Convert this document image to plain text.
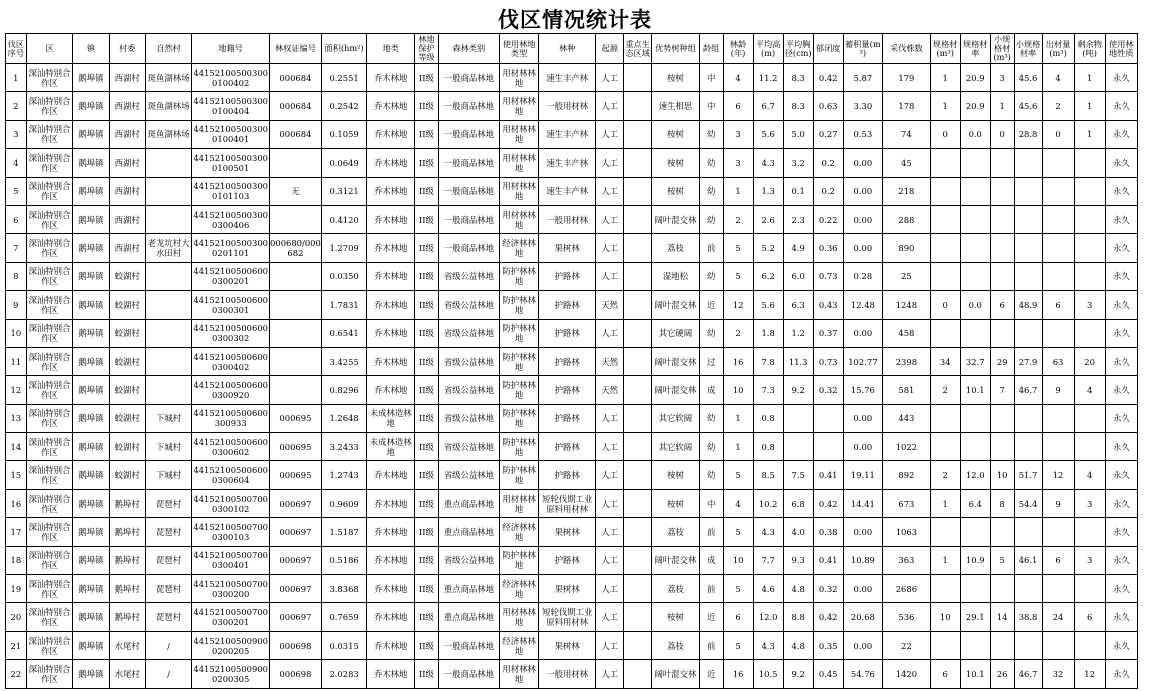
伐区情况统计表
伐区序号	区	镇	村委	自然村	地籍号	林权证编号	面积(hm²)	地类	林地保护等级	森林类别	使用林地类型	林种	起源	重点生态区域	优势树种组	龄组	林龄(年)	平均高(m)	平均胸径(cm)	郁闭度	蓄积量(m³)	采伐株数	规格材(m³)	规格材率	小规格材(m³)	小规格材率	出材量(m³)	剩余物(吨)	使用林地性质
1	深汕特别合作区	鹅埠镇	西湖村	斑鱼湖林场	441521005003000100402	000684	0.2551	乔木林地	II级	一般商品林地	用材林林地	速生丰产林	人工		桉树	中	4	11.2	8.3	0.42	5.87	179	1	20.9	3	45.6	4	1	永久
2	深汕特别合作区	鹅埠镇	西湖村	斑鱼湖林场	441521005003000100404	000684	0.2542	乔木林地	II级	一般商品林地	用材林林地	一般用材林	人工		速生相思	中	6	6.7	8.3	0.63	3.30	178	1	20.9	1	45.6	2	1	永久
3	深汕特别合作区	鹅埠镇	西湖村	斑鱼湖林场	441521005003000100401	000684	0.1059	乔木林地	II级	一般商品林地	用材林林地	速生丰产林	人工		桉树	幼	3	5.6	5.0	0.27	0.53	74	0	0.0	0	28.8	0	1	永久
4	深汕特别合作区	鹅埠镇	西湖村		441521005003000100501		0.0649	乔木林地	II级	一般商品林地	用材林林地	速生丰产林	人工		桉树	幼	3	4.3	3.2	0.2	0.00	45							永久
5	深汕特别合作区	鹅埠镇	西湖村		441521005003000101103	无	0.3121	乔木林地	II级	一般商品林地	用材林林地	速生丰产林	人工		桉树	幼	1	1.3	0.1	0.2	0.00	218							永久
6	深汕特别合作区	鹅埠镇	西湖村		441521005003000300406		0.4120	乔木林地	II级	一般商品林地	用材林林地	一般用材林	人工		阔叶混交林	幼	2	2.6	2.3	0.22	0.00	288							永久
7	深汕特别合作区	鹅埠镇	西湖村	老龙坑村大水田村	441521005003000201101	000680/000682	1.2709	乔木林地	II级	一般商品林地	经济林林地	果树林	人工		荔枝	前	5	5.2	4.9	0.36	0.00	890							永久
8	深汕特别合作区	鹅埠镇	蛟湖村		441521005006000300201		0.0350	乔木林地	II级	省级公益林地	防护林林地	护路林	人工		湿地松	幼	5	6.2	6.0	0.73	0.28	25							永久
9	深汕特别合作区	鹅埠镇	蛟湖村		441521005006000300301		1.7831	乔木林地	II级	省级公益林地	防护林林地	护路林	天然		阔叶混交林	近	12	5.6	6.3	0.43	12.48	1248	0	0.0	6	48.9	6	3	永久
10	深汕特别合作区	鹅埠镇	蛟湖村		441521005006000300302		0.6541	乔木林地	II级	省级公益林地	防护林林地	护路林	人工		其它硬阔	幼	2	1.8	1.2	0.37	0.00	458							永久
11	深汕特别合作区	鹅埠镇	蛟湖村		441521005006000300402		3.4255	乔木林地	II级	省级公益林地	防护林林地	护路林	天然		阔叶混交林	过	16	7.8	11.3	0.73	102.77	2398	34	32.7	29	27.9	63	20	永久
12	深汕特别合作区	鹅埠镇	蛟湖村		441521005006000300920		0.8296	乔木林地	II级	省级公益林地	防护林林地	护路林	天然		阔叶混交林	成	10	7.3	9.2	0.32	15.76	581	2	10.1	7	46.7	9	4	永久
13	深汕特别合作区	鹅埠镇	蛟湖村	下城村	44152100500600300933	000695	1.2648	未成林造林地	II级	省级公益林地	防护林林地	护路林	人工		其它软阔	幼	1	0.8			0.00	443							永久
14	深汕特别合作区	鹅埠镇	蛟湖村	下城村	441521005006000300602	000695	3.2433	未成林造林地	II级	省级公益林地	防护林林地	护路林	人工		其它软阔	幼	1	0.8			0.00	1022							永久
15	深汕特别合作区	鹅埠镇	蛟湖村	下城村	441521005006000300604	000695	1.2743	乔木林地	II级	省级公益林地	防护林林地	护路林	人工		桉树	幼	5	8.5	7.5	0.41	19.11	892	2	12.0	10	51.7	12	4	永久
16	深汕特别合作区	鹅埠镇	鹅埠村	琵琶村	441521005007000300102	000697	0.9609	乔木林地	II级	重点商品林地	用材林林地	短轮伐期工业原料用材林	人工		桉树	中	4	10.2	6.8	0.42	14.41	673	1	6.4	8	54.4	9	3	永久
17	深汕特别合作区	鹅埠镇	鹅埠村	琵琶村	441521005007000300103	000697	1.5187	乔木林地	II级	重点商品林地	经济林林地	果树林	人工		荔枝	前	5	4.3	4.0	0.38	0.00	1063							永久
18	深汕特别合作区	鹅埠镇	鹅埠村	琵琶村	441521005007000300401	000697	0.5186	乔木林地	II级	省级公益林地	防护林林地	护路林	人工		阔叶混交林	成	10	7.7	9.3	0.41	10.89	363	1	10.9	5	46.1	6	3	永久
19	深汕特别合作区	鹅埠镇	鹅埠村	琵琶村	441521005007000300200	000697	3.8368	乔木林地	II级	重点商品林地	经济林林地	果树林	人工		荔枝	前	5	4.6	4.8	0.32	0.00	2686							永久
20	深汕特别合作区	鹅埠镇	鹅埠村	琵琶村	441521005007000300201	000697	0.7659	乔木林地	II级	重点商品林地	用材林林地	短轮伐期工业原料用材林	人工		桉树	近	6	12.0	8.8	0.42	20.68	536	10	29.1	14	38.8	24	6	永久
21	深汕特别合作区	鹅埠镇	水尾村	/	441521005009000200205	000698	0.0315	乔木林地	II级	一般商品林地	经济林林地	果树林	人工		荔枝	前	5	4.3	4.8	0.35	0.00	22							永久
22	深汕特别合作区	鹅埠镇	水尾村	/	441521005009000200305	000698	2.0283	乔木林地	II级	一般商品林地	用材林林地	一般用材林	人工		阔叶混交林	近	16	10.5	9.2	0.45	54.76	1420	6	10.1	26	46.7	32	12	永久
